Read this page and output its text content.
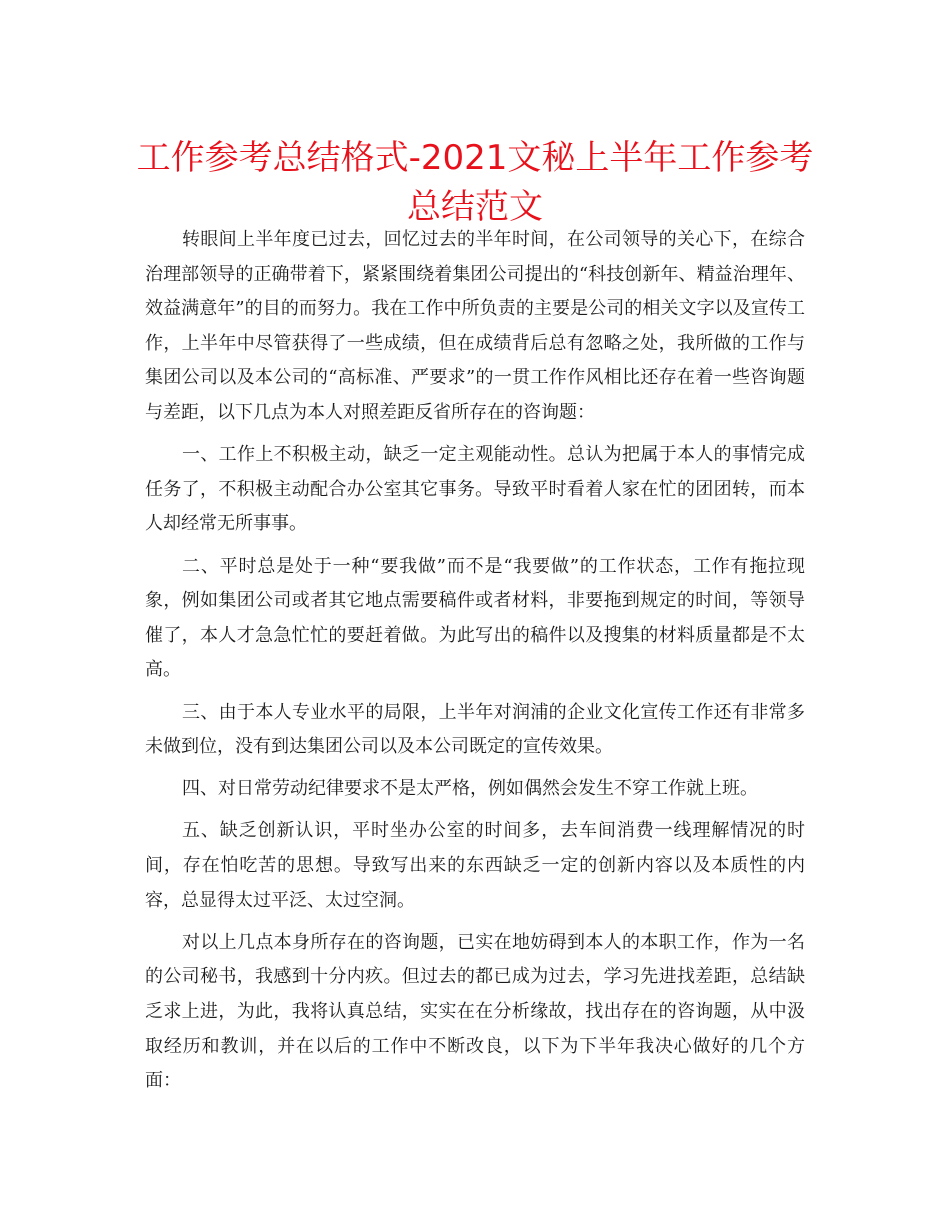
工作参考总结格式-2021文秘上半年工作参考总结范文

转眼间上半年度已过去，回忆过去的半年时间，在公司领导的关心下，在综合治理部领导的正确带着下，紧紧围绕着集团公司提出的“科技创新年、精益治理年、效益满意年”的目的而努力。我在工作中所负责的主要是公司的相关文字以及宣传工作，上半年中尽管获得了一些成绩，但在成绩背后总有忽略之处，我所做的工作与集团公司以及本公司的“高标准、严要求”的一贯工作作风相比还存在着一些咨询题与差距，以下几点为本人对照差距反省所存在的咨询题：

一、工作上不积极主动，缺乏一定主观能动性。总认为把属于本人的事情完成任务了，不积极主动配合办公室其它事务。导致平时看着人家在忙的团团转，而本人却经常无所事事。

二、平时总是处于一种“要我做”而不是“我要做”的工作状态，工作有拖拉现象，例如集团公司或者其它地点需要稿件或者材料，非要拖到规定的时间，等领导催了，本人才急急忙忙的要赶着做。为此写出的稿件以及搜集的材料质量都是不太高。

三、由于本人专业水平的局限，上半年对润浦的企业文化宣传工作还有非常多未做到位，没有到达集团公司以及本公司既定的宣传效果。

四、对日常劳动纪律要求不是太严格，例如偶然会发生不穿工作就上班。

五、缺乏创新认识，平时坐办公室的时间多，去车间消费一线理解情况的时间，存在怕吃苦的思想。导致写出来的东西缺乏一定的创新内容以及本质性的内容，总显得太过平泛、太过空洞。

对以上几点本身所存在的咨询题，已实在地妨碍到本人的本职工作，作为一名的公司秘书，我感到十分内疚。但过去的都已成为过去，学习先进找差距，总结缺乏求上进，为此，我将认真总结，实实在在分析缘故，找出存在的咨询题，从中汲取经历和教训，并在以后的工作中不断改良，以下为下半年我决心做好的几个方面：
